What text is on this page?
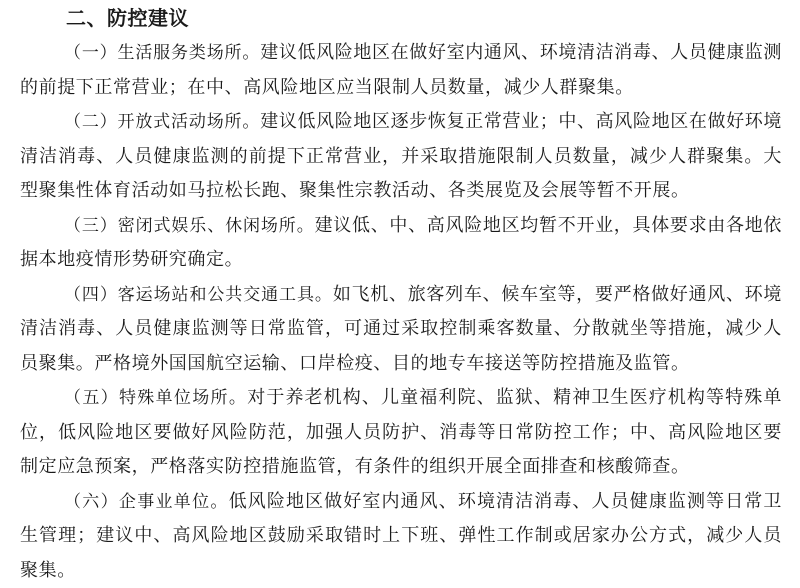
二、防控建议

（一）生活服务类场所。建议低风险地区在做好室内通风、环境清洁消毒、人员健康监测的前提下正常营业；在中、高风险地区应当限制人员数量，减少人群聚集。

（二）开放式活动场所。建议低风险地区逐步恢复正常营业；中、高风险地区在做好环境清洁消毒、人员健康监测的前提下正常营业，并采取措施限制人员数量，减少人群聚集。大型聚集性体育活动如马拉松长跑、聚集性宗教活动、各类展览及会展等暂不开展。

（三）密闭式娱乐、休闲场所。建议低、中、高风险地区均暂不开业，具体要求由各地依据本地疫情形势研究确定。

（四）客运场站和公共交通工具。如飞机、旅客列车、候车室等，要严格做好通风、环境清洁消毒、人员健康监测等日常监管，可通过采取控制乘客数量、分散就坐等措施，减少人员聚集。严格境外国国航空运输、口岸检疫、目的地专车接送等防控措施及监管。

（五）特殊单位场所。对于养老机构、儿童福利院、监狱、精神卫生医疗机构等特殊单位，低风险地区要做好风险防范，加强人员防护、消毒等日常防控工作；中、高风险地区要制定应急预案，严格落实防控措施监管，有条件的组织开展全面排查和核酸筛查。

（六）企事业单位。低风险地区做好室内通风、环境清洁消毒、人员健康监测等日常卫生管理；建议中、高风险地区鼓励采取错时上下班、弹性工作制或居家办公方式，减少人员聚集。
